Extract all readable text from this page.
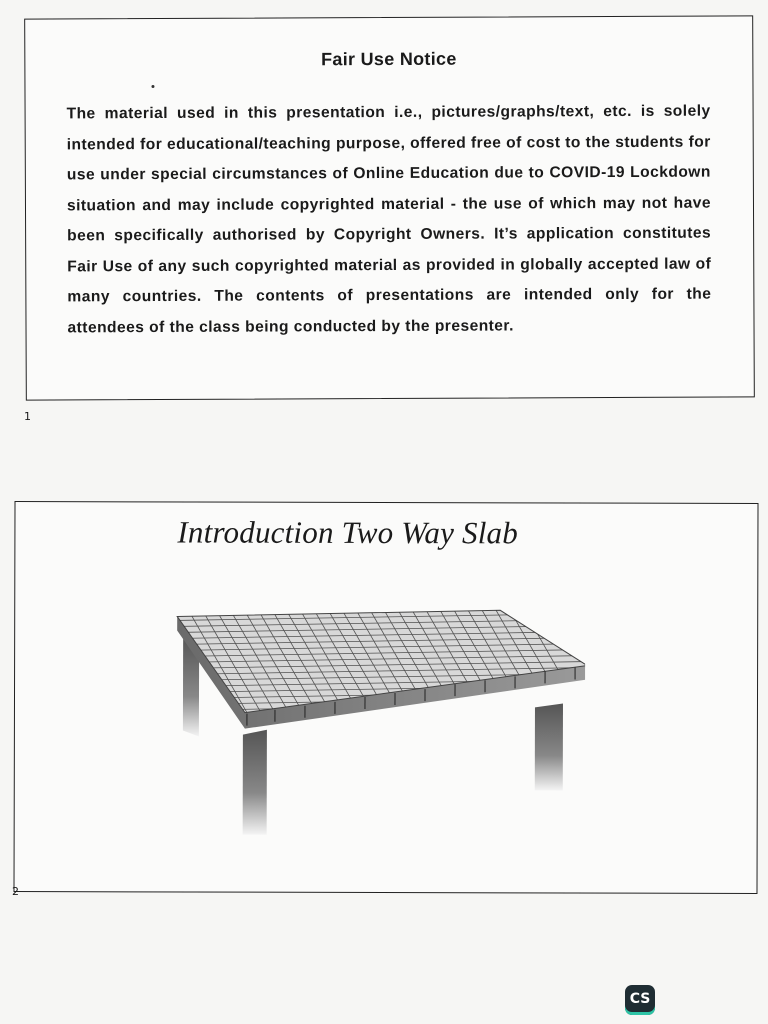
Fair Use Notice
The material used in this presentation i.e., pictures/graphs/text, etc. is solely intended for educational/teaching purpose, offered free of cost to the students for use under special circumstances of Online Education due to COVID-19 Lockdown situation and may include copyrighted material - the use of which may not have been specifically authorised by Copyright Owners. It’s application constitutes Fair Use of any such copyrighted material as provided in globally accepted law of many countries. The contents of presentations are intended only for the attendees of the class being conducted by the presenter.
1
Introduction Two Way Slab
2
CS
